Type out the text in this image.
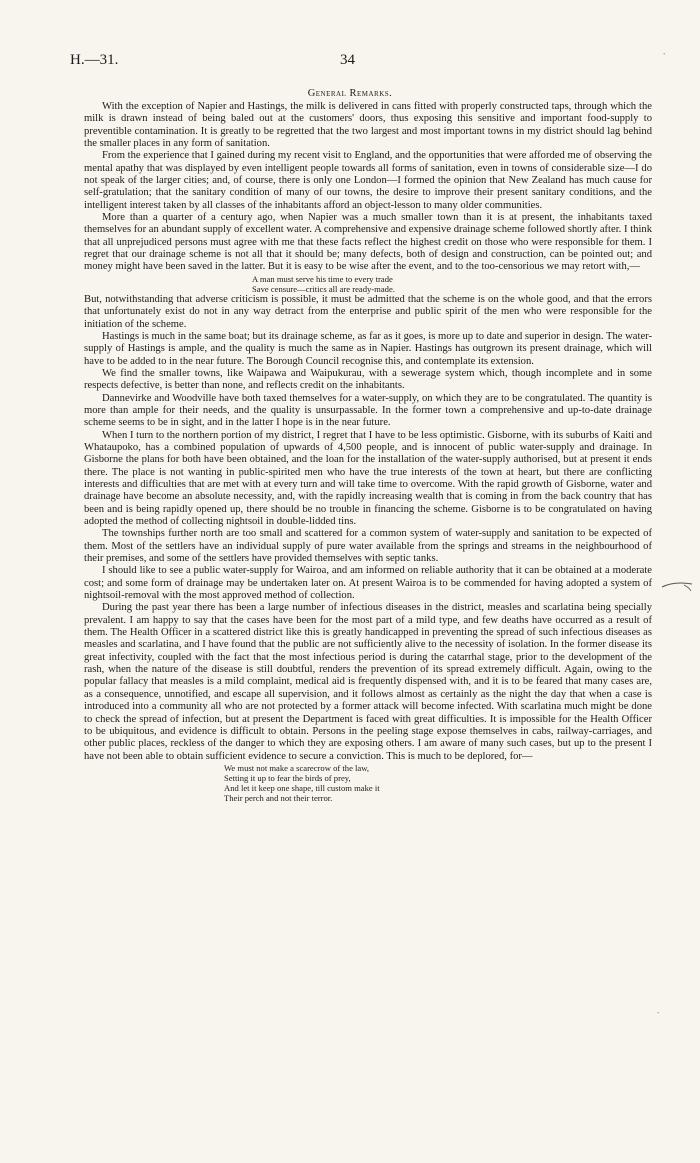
ˎ
H.—31.	34
General Remarks.

With the exception of Napier and Hastings, the milk is delivered in cans fitted with properly constructed taps, through which the milk is drawn instead of being baled out at the customers' doors, thus exposing this sensitive and important food-supply to preventible contamination. It is greatly to be regretted that the two largest and most important towns in my district should lag behind the smaller places in any form of sanitation.

From the experience that I gained during my recent visit to England, and the opportunities that were afforded me of observing the mental apathy that was displayed by even intelligent people towards all forms of sanitation, even in towns of considerable size—I do not speak of the larger cities; and, of course, there is only one London—I formed the opinion that New Zealand has much cause for self-gratulation; that the sanitary condition of many of our towns, the desire to improve their present sanitary conditions, and the intelligent interest taken by all classes of the inhabitants afford an object-lesson to many older communities.

More than a quarter of a century ago, when Napier was a much smaller town than it is at present, the inhabitants taxed themselves for an abundant supply of excellent water. A comprehensive and expensive drainage scheme followed shortly after. I think that all unprejudiced persons must agree with me that these facts reflect the highest credit on those who were responsible for them. I regret that our drainage scheme is not all that it should be; many defects, both of design and construction, can be pointed out; and money might have been saved in the latter. But it is easy to be wise after the event, and to the too-censorious we may retort with,—

A man must serve his time to every trade
Save censure—critics all are ready-made.

But, notwithstanding that adverse criticism is possible, it must be admitted that the scheme is on the whole good, and that the errors that unfortunately exist do not in any way detract from the enterprise and public spirit of the men who were responsible for the initiation of the scheme.

Hastings is much in the same boat; but its drainage scheme, as far as it goes, is more up to date and superior in design. The water-supply of Hastings is ample, and the quality is much the same as in Napier. Hastings has outgrown its present drainage, which will have to be added to in the near future. The Borough Council recognise this, and contemplate its extension.

We find the smaller towns, like Waipawa and Waipukurau, with a sewerage system which, though incomplete and in some respects defective, is better than none, and reflects credit on the inhabitants.

Dannevirke and Woodville have both taxed themselves for a water-supply, on which they are to be congratulated. The quantity is more than ample for their needs, and the quality is unsurpassable. In the former town a comprehensive and up-to-date drainage scheme seems to be in sight, and in the latter I hope is in the near future.

When I turn to the northern portion of my district, I regret that I have to be less optimistic. Gisborne, with its suburbs of Kaiti and Whataupoko, has a combined population of upwards of 4,500 people, and is innocent of public water-supply and drainage. In Gisborne the plans for both have been obtained, and the loan for the installation of the water-supply authorised, but at present it ends there. The place is not wanting in public-spirited men who have the true interests of the town at heart, but there are conflicting interests and difficulties that are met with at every turn and will take time to overcome. With the rapid growth of Gisborne, water and drainage have become an absolute necessity, and, with the rapidly increasing wealth that is coming in from the back country that has been and is being rapidly opened up, there should be no trouble in financing the scheme. Gisborne is to be congratulated on having adopted the method of collecting nightsoil in double-lidded tins.

The townships further north are too small and scattered for a common system of water-supply and sanitation to be expected of them. Most of the settlers have an individual supply of pure water available from the springs and streams in the neighbourhood of their premises, and some of the settlers have provided themselves with septic tanks.

I should like to see a public water-supply for Wairoa, and am informed on reliable authority that it can be obtained at a moderate cost; and some form of drainage may be undertaken later on. At present Wairoa is to be commended for having adopted a system of nightsoil-removal with the most approved method of collection.

During the past year there has been a large number of infectious diseases in the district, measles and scarlatina being specially prevalent. I am happy to say that the cases have been for the most part of a mild type, and few deaths have occurred as a result of them. The Health Officer in a scattered district like this is greatly handicapped in preventing the spread of such infectious diseases as measles and scarlatina, and I have found that the public are not sufficiently alive to the necessity of isolation. In the former disease its great infectivity, coupled with the fact that the most infectious period is during the catarrhal stage, prior to the development of the rash, when the nature of the disease is still doubtful, renders the prevention of its spread extremely difficult. Again, owing to the popular fallacy that measles is a mild complaint, medical aid is frequently dispensed with, and it is to be feared that many cases are, as a consequence, unnotified, and escape all supervision, and it follows almost as certainly as the night the day that when a case is introduced into a community all who are not protected by a former attack will become infected. With scarlatina much might be done to check the spread of infection, but at present the Department is faced with great difficulties. It is impossible for the Health Officer to be ubiquitous, and evidence is difficult to obtain. Persons in the peeling stage expose themselves in cabs, railway-carriages, and other public places, reckless of the danger to which they are exposing others. I am aware of many such cases, but up to the present I have not been able to obtain sufficient evidence to secure a conviction. This is much to be deplored, for—

We must not make a scarecrow of the law,
Setting it up to fear the birds of prey,
And let it keep one shape, till custom make it
Their perch and not their terror.
ˏ
